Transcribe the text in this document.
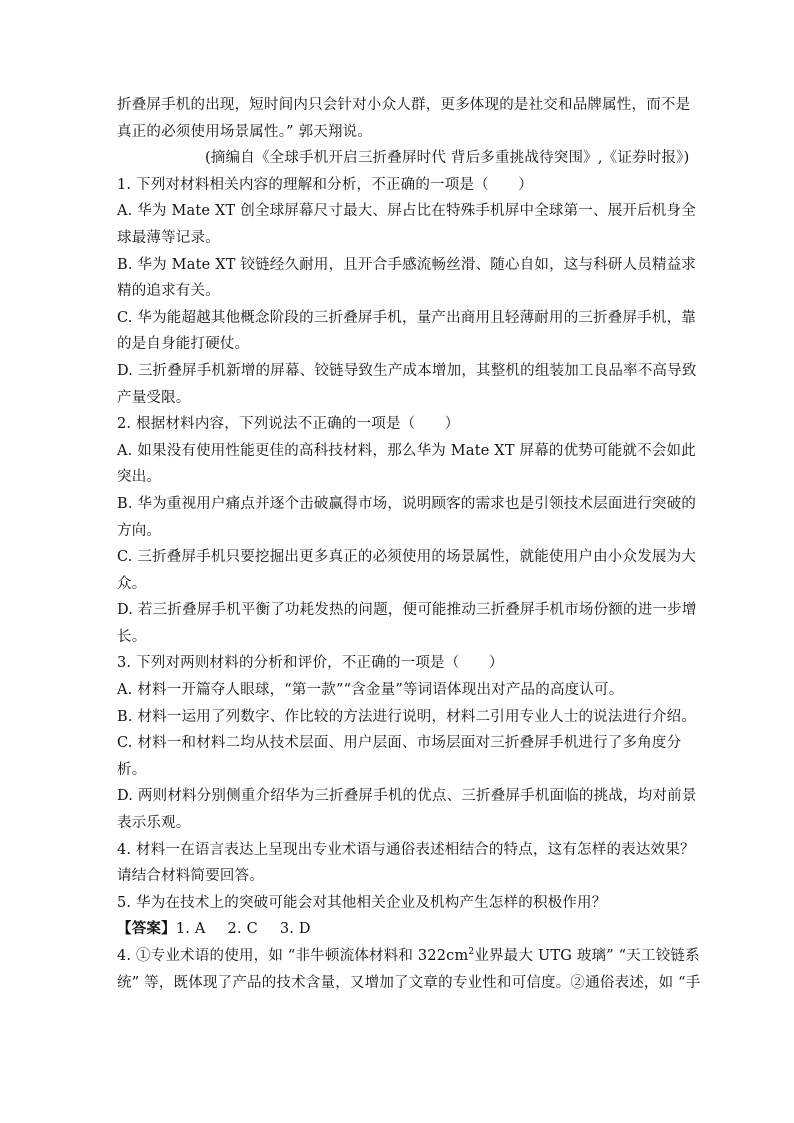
折叠屏手机的出现，短时间内只会针对小众人群，更多体现的是社交和品牌属性，而不是
真正的必须使用场景属性。” 郭天翔说。
(摘编自《全球手机开启三折叠屏时代 背后多重挑战待突围》,《证券时报》)
1. 下列对材料相关内容的理解和分析，不正确的一项是（　　）
A. 华为 Mate XT 创全球屏幕尺寸最大、屏占比在特殊手机屏中全球第一、展开后机身全
球最薄等记录。
B. 华为 Mate XT 铰链经久耐用，且开合手感流畅丝滑、随心自如，这与科研人员精益求
精的追求有关。
C. 华为能超越其他概念阶段的三折叠屏手机，量产出商用且轻薄耐用的三折叠屏手机，靠
的是自身能打硬仗。
D. 三折叠屏手机新增的屏幕、铰链导致生产成本增加，其整机的组装加工良品率不高导致
产量受限。
2. 根据材料内容，下列说法不正确的一项是（　　）
A. 如果没有使用性能更佳的高科技材料，那么华为 Mate XT 屏幕的优势可能就不会如此
突出。
B. 华为重视用户痛点并逐个击破赢得市场，说明顾客的需求也是引领技术层面进行突破的
方向。
C. 三折叠屏手机只要挖掘出更多真正的必须使用的场景属性，就能使用户由小众发展为大
众。
D. 若三折叠屏手机平衡了功耗发热的问题，便可能推动三折叠屏手机市场份额的进一步增
长。
3. 下列对两则材料的分析和评价，不正确的一项是（　　）
A. 材料一开篇夺人眼球，“第一款”“含金量”等词语体现出对产品的高度认可。
B. 材料一运用了列数字、作比较的方法进行说明，材料二引用专业人士的说法进行介绍。
C. 材料一和材料二均从技术层面、用户层面、市场层面对三折叠屏手机进行了多角度分
析。
D. 两则材料分别侧重介绍华为三折叠屏手机的优点、三折叠屏手机面临的挑战，均对前景
表示乐观。
4. 材料一在语言表达上呈现出专业术语与通俗表述相结合的特点，这有怎样的表达效果？
请结合材料简要回答。
5. 华为在技术上的突破可能会对其他相关企业及机构产生怎样的积极作用？
【答案】1. A 2. C 3. D
4. ①专业术语的使用，如 “非牛顿流体材料和 $322cm^2$业界最大 UTG 玻璃” “天工铰链系
统” 等，既体现了产品的技术含量，又增加了文章的专业性和可信度。②通俗表述，如 “手
